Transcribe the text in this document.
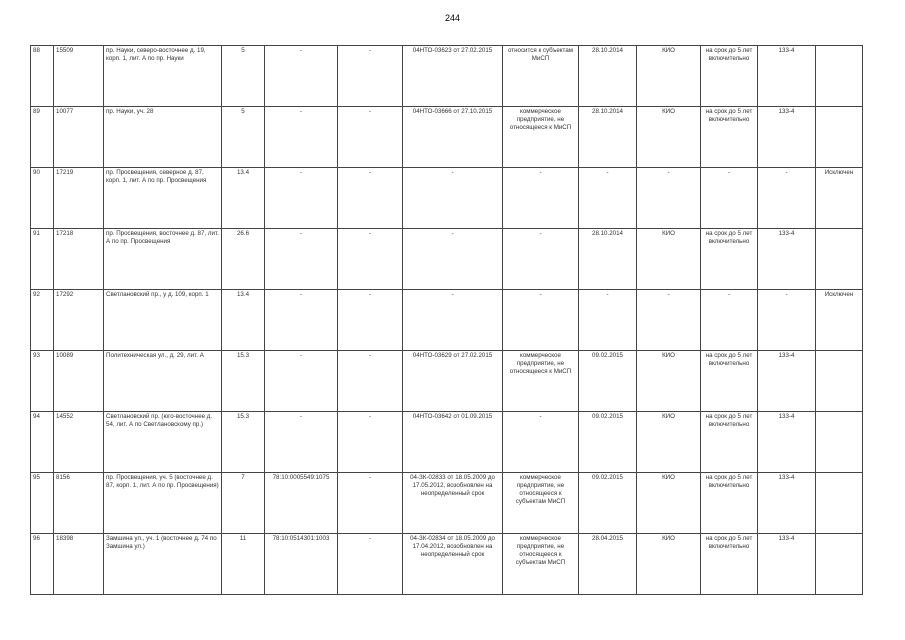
244
88	15509	пр. Науки, северо-восточнее д. 19, корп. 1, лит. А по пр. Науки	5	-	-	04НТО-03623 от 27.02.2015	относится к субъектам МиСП	28.10.2014	КИО	на срок до 5 лет включительно	133-4	
89	10077	пр. Науки, уч. 28	5	-	-	04НТО-03666 от 27.10.2015	коммерческое предприятие, не относящееся к МиСП	28.10.2014	КИО	на срок до 5 лет включительно	133-4	
90	17219	пр. Просвещения, северное д. 87, корп. 1, лит. А по пр. Просвещения	13.4	-	-	-	-	-	-	-	-	Исключен
91	17218	пр. Просвещения, восточнее д. 87, лит. А по пр. Просвещения	26.6	-	-	-	-	28.10.2014	КИО	на срок до 5 лет включительно	133-4	
92	17292	Светлановский пр., у д. 109, корп. 1	13.4	-	-	-	-	-	-	-	-	Исключен
93	10089	Политехническая ул., д. 29, лит. А	15.3	-	-	04НТО-03629 от 27.02.2015	коммерческое предприятие, не относящееся к МиСП	09.02.2015	КИО	на срок до 5 лет включительно	133-4	
94	14552	Светлановский пр. (юго-восточнее д. 54, лит. А по Светлановскому пр.)	15.3	-	-	04НТО-03642 от 01.09.2015	-	09.02.2015	КИО	на срок до 5 лет включительно	133-4	
95	8156	пр. Просвещения, уч. 5 (восточнее д. 87, корп. 1, лит. А по пр. Просвещения)	7	78:10:0005549:1075	-	04-ЗК-02833 от 18.05.2009 до 17.05.2012, возобновлен на неопределенный срок	коммерческое предприятие, не относящееся к субъектам МиСП	09.02.2015	КИО	на срок до 5 лет включительно	133-4	
96	18398	Замшина ул., уч. 1 (восточнее д. 74 по Замшина ул.)	11	78:10:0514301:1003	-	04-ЗК-02834 от 18.05.2009 до 17.04.2012, возобновлен на неопределенный срок	коммерческое предприятие, не относящееся к субъектам МиСП	28.04.2015	КИО	на срок до 5 лет включительно	133-4	
